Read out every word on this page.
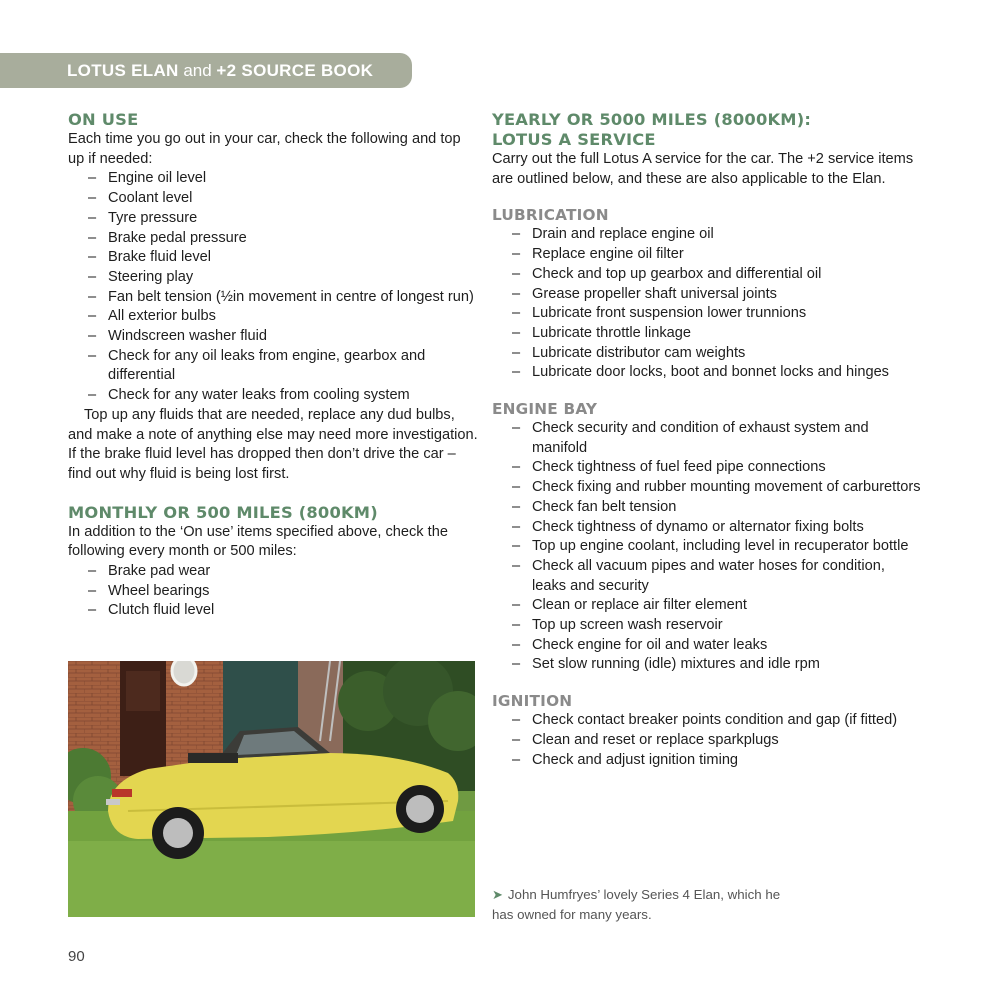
LOTUS ELAN and +2 SOURCE BOOK
ON USE

Each time you go out in your car, check the following and top up if needed:

– Engine oil level
– Coolant level
– Tyre pressure
– Brake pedal pressure
– Brake fluid level
– Steering play
– Fan belt tension (½in movement in centre of longest run)
– All exterior bulbs
– Windscreen washer fluid
– Check for any oil leaks from engine, gearbox and differential
– Check for any water leaks from cooling system

Top up any fluids that are needed, replace any dud bulbs, and make a note of anything else may need more investigation. If the brake fluid level has dropped then don’t drive the car – find out why fluid is being lost first.

MONTHLY OR 500 MILES (800KM)

In addition to the ‘On use’ items specified above, check the following every month or 500 miles:

– Brake pad wear
– Wheel bearings
– Clutch fluid level
YEARLY OR 5000 MILES (8000KM):
LOTUS A SERVICE

Carry out the full Lotus A service for the car. The +2 service items are outlined below, and these are also applicable to the Elan.

LUBRICATION
– Drain and replace engine oil
– Replace engine oil filter
– Check and top up gearbox and differential oil
– Grease propeller shaft universal joints
– Lubricate front suspension lower trunnions
– Lubricate throttle linkage
– Lubricate distributor cam weights
– Lubricate door locks, boot and bonnet locks and hinges
ENGINE BAY
– Check security and condition of exhaust system and manifold
– Check tightness of fuel feed pipe connections
– Check fixing and rubber mounting movement of carburettors
– Check fan belt tension
– Check tightness of dynamo or alternator fixing bolts
– Top up engine coolant, including level in recuperator bottle
– Check all vacuum pipes and water hoses for condition, leaks and security
– Clean or replace air filter element
– Top up screen wash reservoir
– Check engine for oil and water leaks
– Set slow running (idle) mixtures and idle rpm
IGNITION
– Check contact breaker points condition and gap (if fitted)
– Clean and reset or replace sparkplugs
– Check and adjust ignition timing
➤ John Humfryes’ lovely Series 4 Elan, which he has owned for many years.
90
